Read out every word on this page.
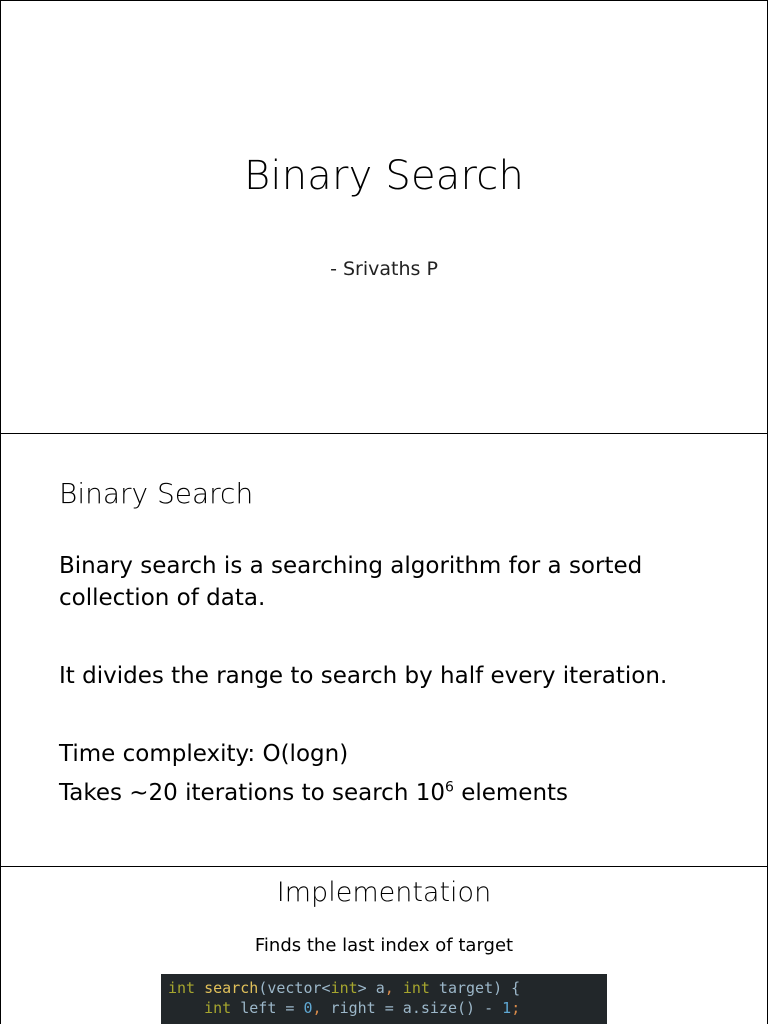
Binary Search
- Srivaths P
Binary Search
Binary search is a searching algorithm for a sorted collection of data.
It divides the range to search by half every iteration.
Time complexity: O(logn)
Takes ~20 iterations to search $10^6$ elements
Implementation
Finds the last index of target
int search(vector<int> a, int target) {
int left = 0, right = a.size() - 1;
